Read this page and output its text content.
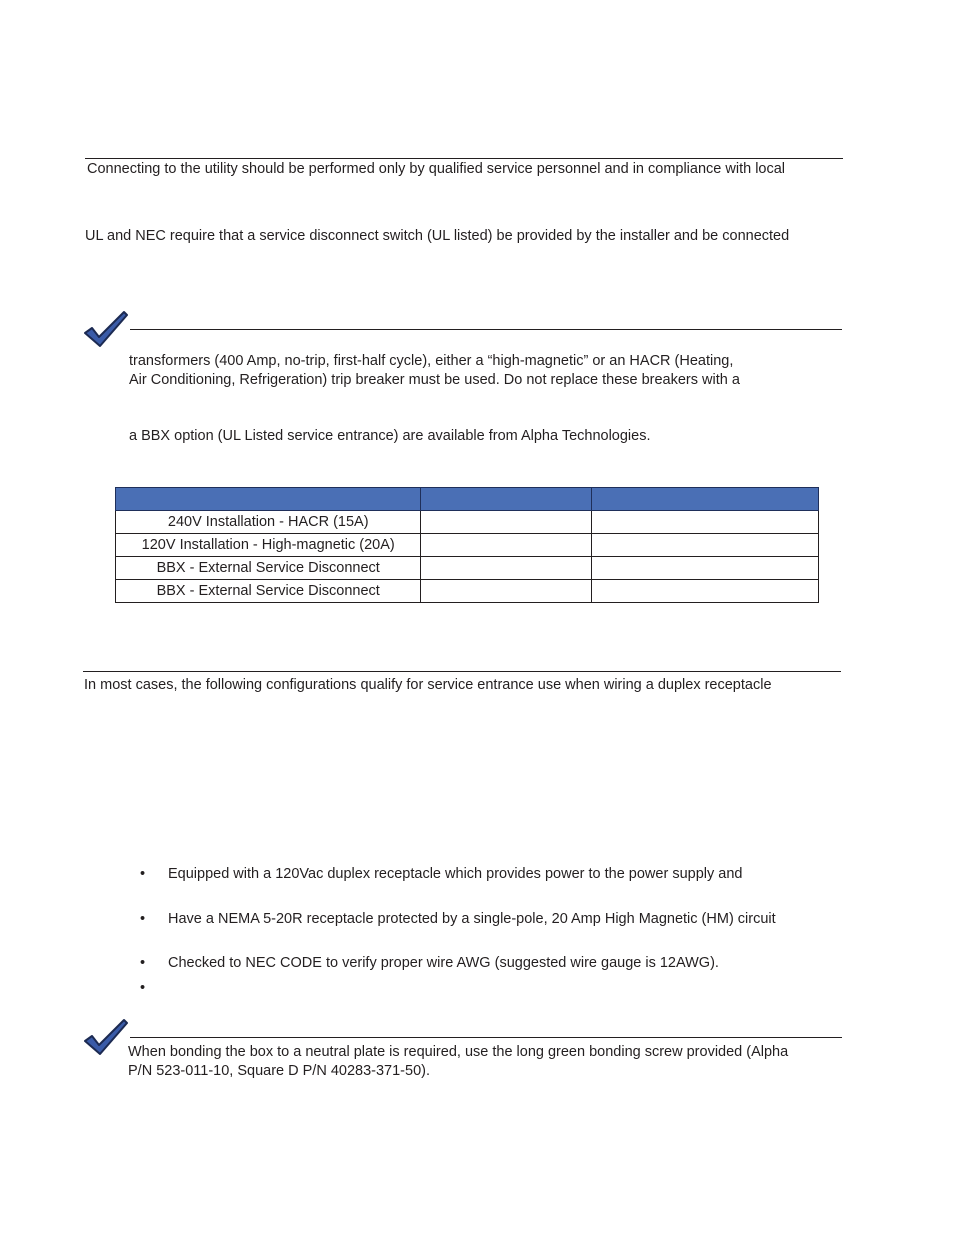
Connecting to the utility should be performed only by qualified service personnel and in compliance with local
UL and NEC require that a service disconnect switch (UL listed) be provided by the installer and be connected
transformers (400 Amp, no-trip, first-half cycle), either a “high-magnetic” or an HACR (Heating,
Air Conditioning, Refrigeration) trip breaker must be used. Do not replace these breakers with a
a BBX option (UL Listed service entrance) are available from Alpha Technologies.

240V Installation - HACR (15A)		
120V Installation - High-magnetic (20A)		
BBX - External Service Disconnect		
BBX - External Service Disconnect		
In most cases, the following configurations qualify for service entrance use when wiring a duplex receptacle
• Equipped with a 120Vac duplex receptacle which provides power to the power supply and
• Have a NEMA 5-20R receptacle protected by a single-pole, 20 Amp High Magnetic (HM) circuit
• Checked to NEC CODE to verify proper wire AWG (suggested wire gauge is 12AWG).
•
When bonding the box to a neutral plate is required, use the long green bonding screw provided (Alpha
P/N 523-011-10, Square D P/N 40283-371-50).
